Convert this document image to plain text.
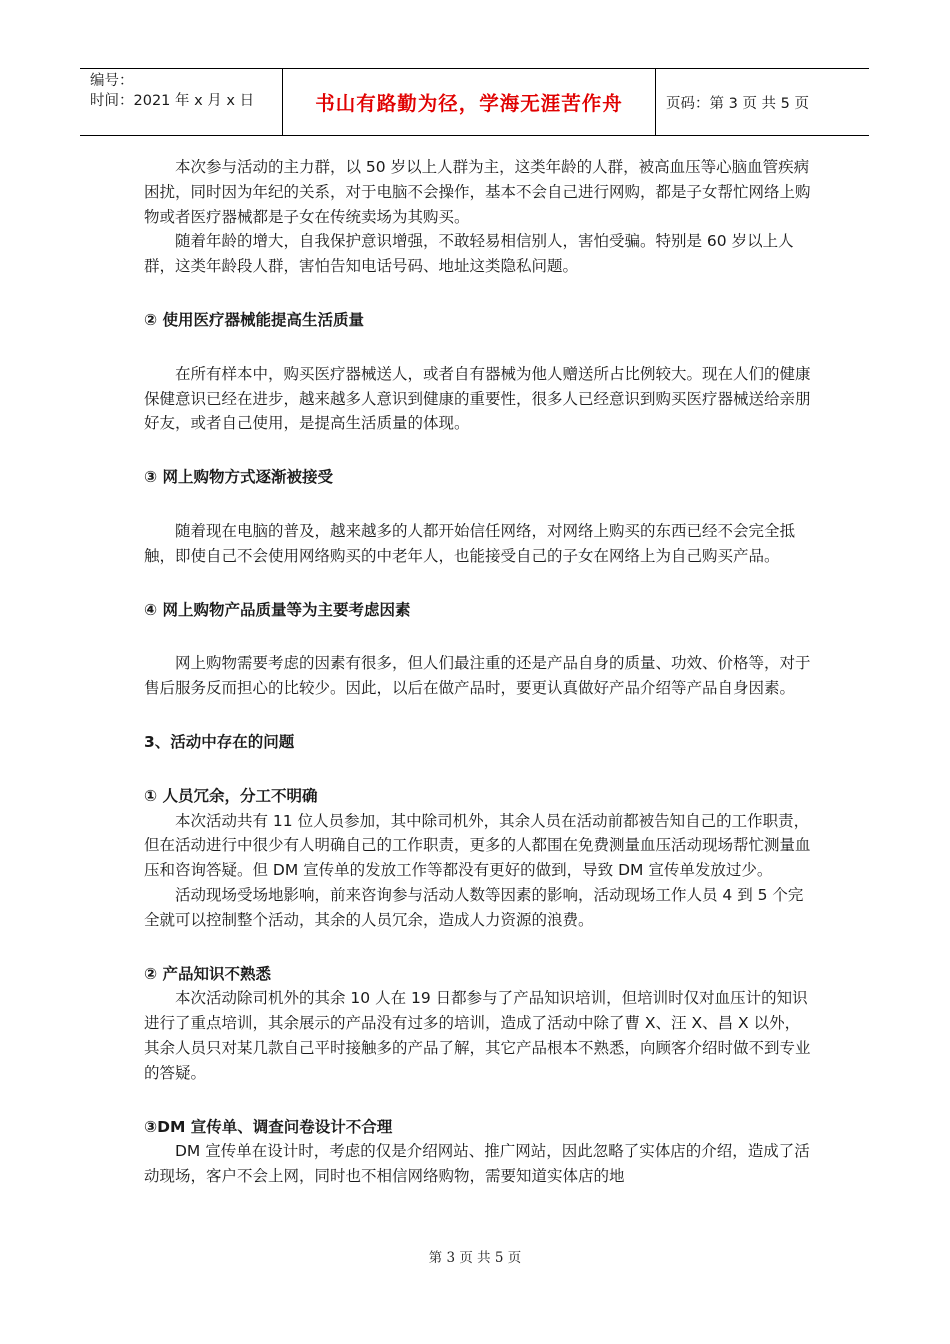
编号：
时间：2021 年 x 月 x 日	书山有路勤为径，学海无涯苦作舟	页码：第 3 页 共 5 页

本次参与活动的主力群，以 50 岁以上人群为主，这类年龄的人群，被高血压等心脑血管疾病困扰，同时因为年纪的关系，对于电脑不会操作，基本不会自己进行网购，都是子女帮忙网络上购物或者医疗器械都是子女在传统卖场为其购买。

随着年龄的增大，自我保护意识增强，不敢轻易相信别人，害怕受骗。特别是 60 岁以上人群，这类年龄段人群，害怕告知电话号码、地址这类隐私问题。

② 使用医疗器械能提高生活质量

在所有样本中，购买医疗器械送人，或者自有器械为他人赠送所占比例较大。现在人们的健康保健意识已经在进步，越来越多人意识到健康的重要性，很多人已经意识到购买医疗器械送给亲朋好友，或者自己使用，是提高生活质量的体现。

③ 网上购物方式逐渐被接受

随着现在电脑的普及，越来越多的人都开始信任网络，对网络上购买的东西已经不会完全抵触，即使自己不会使用网络购买的中老年人，也能接受自己的子女在网络上为自己购买产品。

④ 网上购物产品质量等为主要考虑因素

网上购物需要考虑的因素有很多，但人们最注重的还是产品自身的质量、功效、价格等，对于售后服务反而担心的比较少。因此，以后在做产品时，要更认真做好产品介绍等产品自身因素。

3、活动中存在的问题

① 人员冗余，分工不明确

本次活动共有 11 位人员参加，其中除司机外，其余人员在活动前都被告知自己的工作职责，但在活动进行中很少有人明确自己的工作职责，更多的人都围在免费测量血压活动现场帮忙测量血压和咨询答疑。但 DM 宣传单的发放工作等都没有更好的做到，导致 DM 宣传单发放过少。

活动现场受场地影响，前来咨询参与活动人数等因素的影响，活动现场工作人员 4 到 5 个完全就可以控制整个活动，其余的人员冗余，造成人力资源的浪费。

② 产品知识不熟悉

本次活动除司机外的其余 10 人在 19 日都参与了产品知识培训，但培训时仅对血压计的知识进行了重点培训，其余展示的产品没有过多的培训，造成了活动中除了曹 X、汪 X、昌 X 以外，其余人员只对某几款自己平时接触多的产品了解，其它产品根本不熟悉，向顾客介绍时做不到专业的答疑。

③DM 宣传单、调查问卷设计不合理

DM 宣传单在设计时，考虑的仅是介绍网站、推广网站，因此忽略了实体店的介绍，造成了活动现场，客户不会上网，同时也不相信网络购物，需要知道实体店的地

第 3 页 共 5 页
